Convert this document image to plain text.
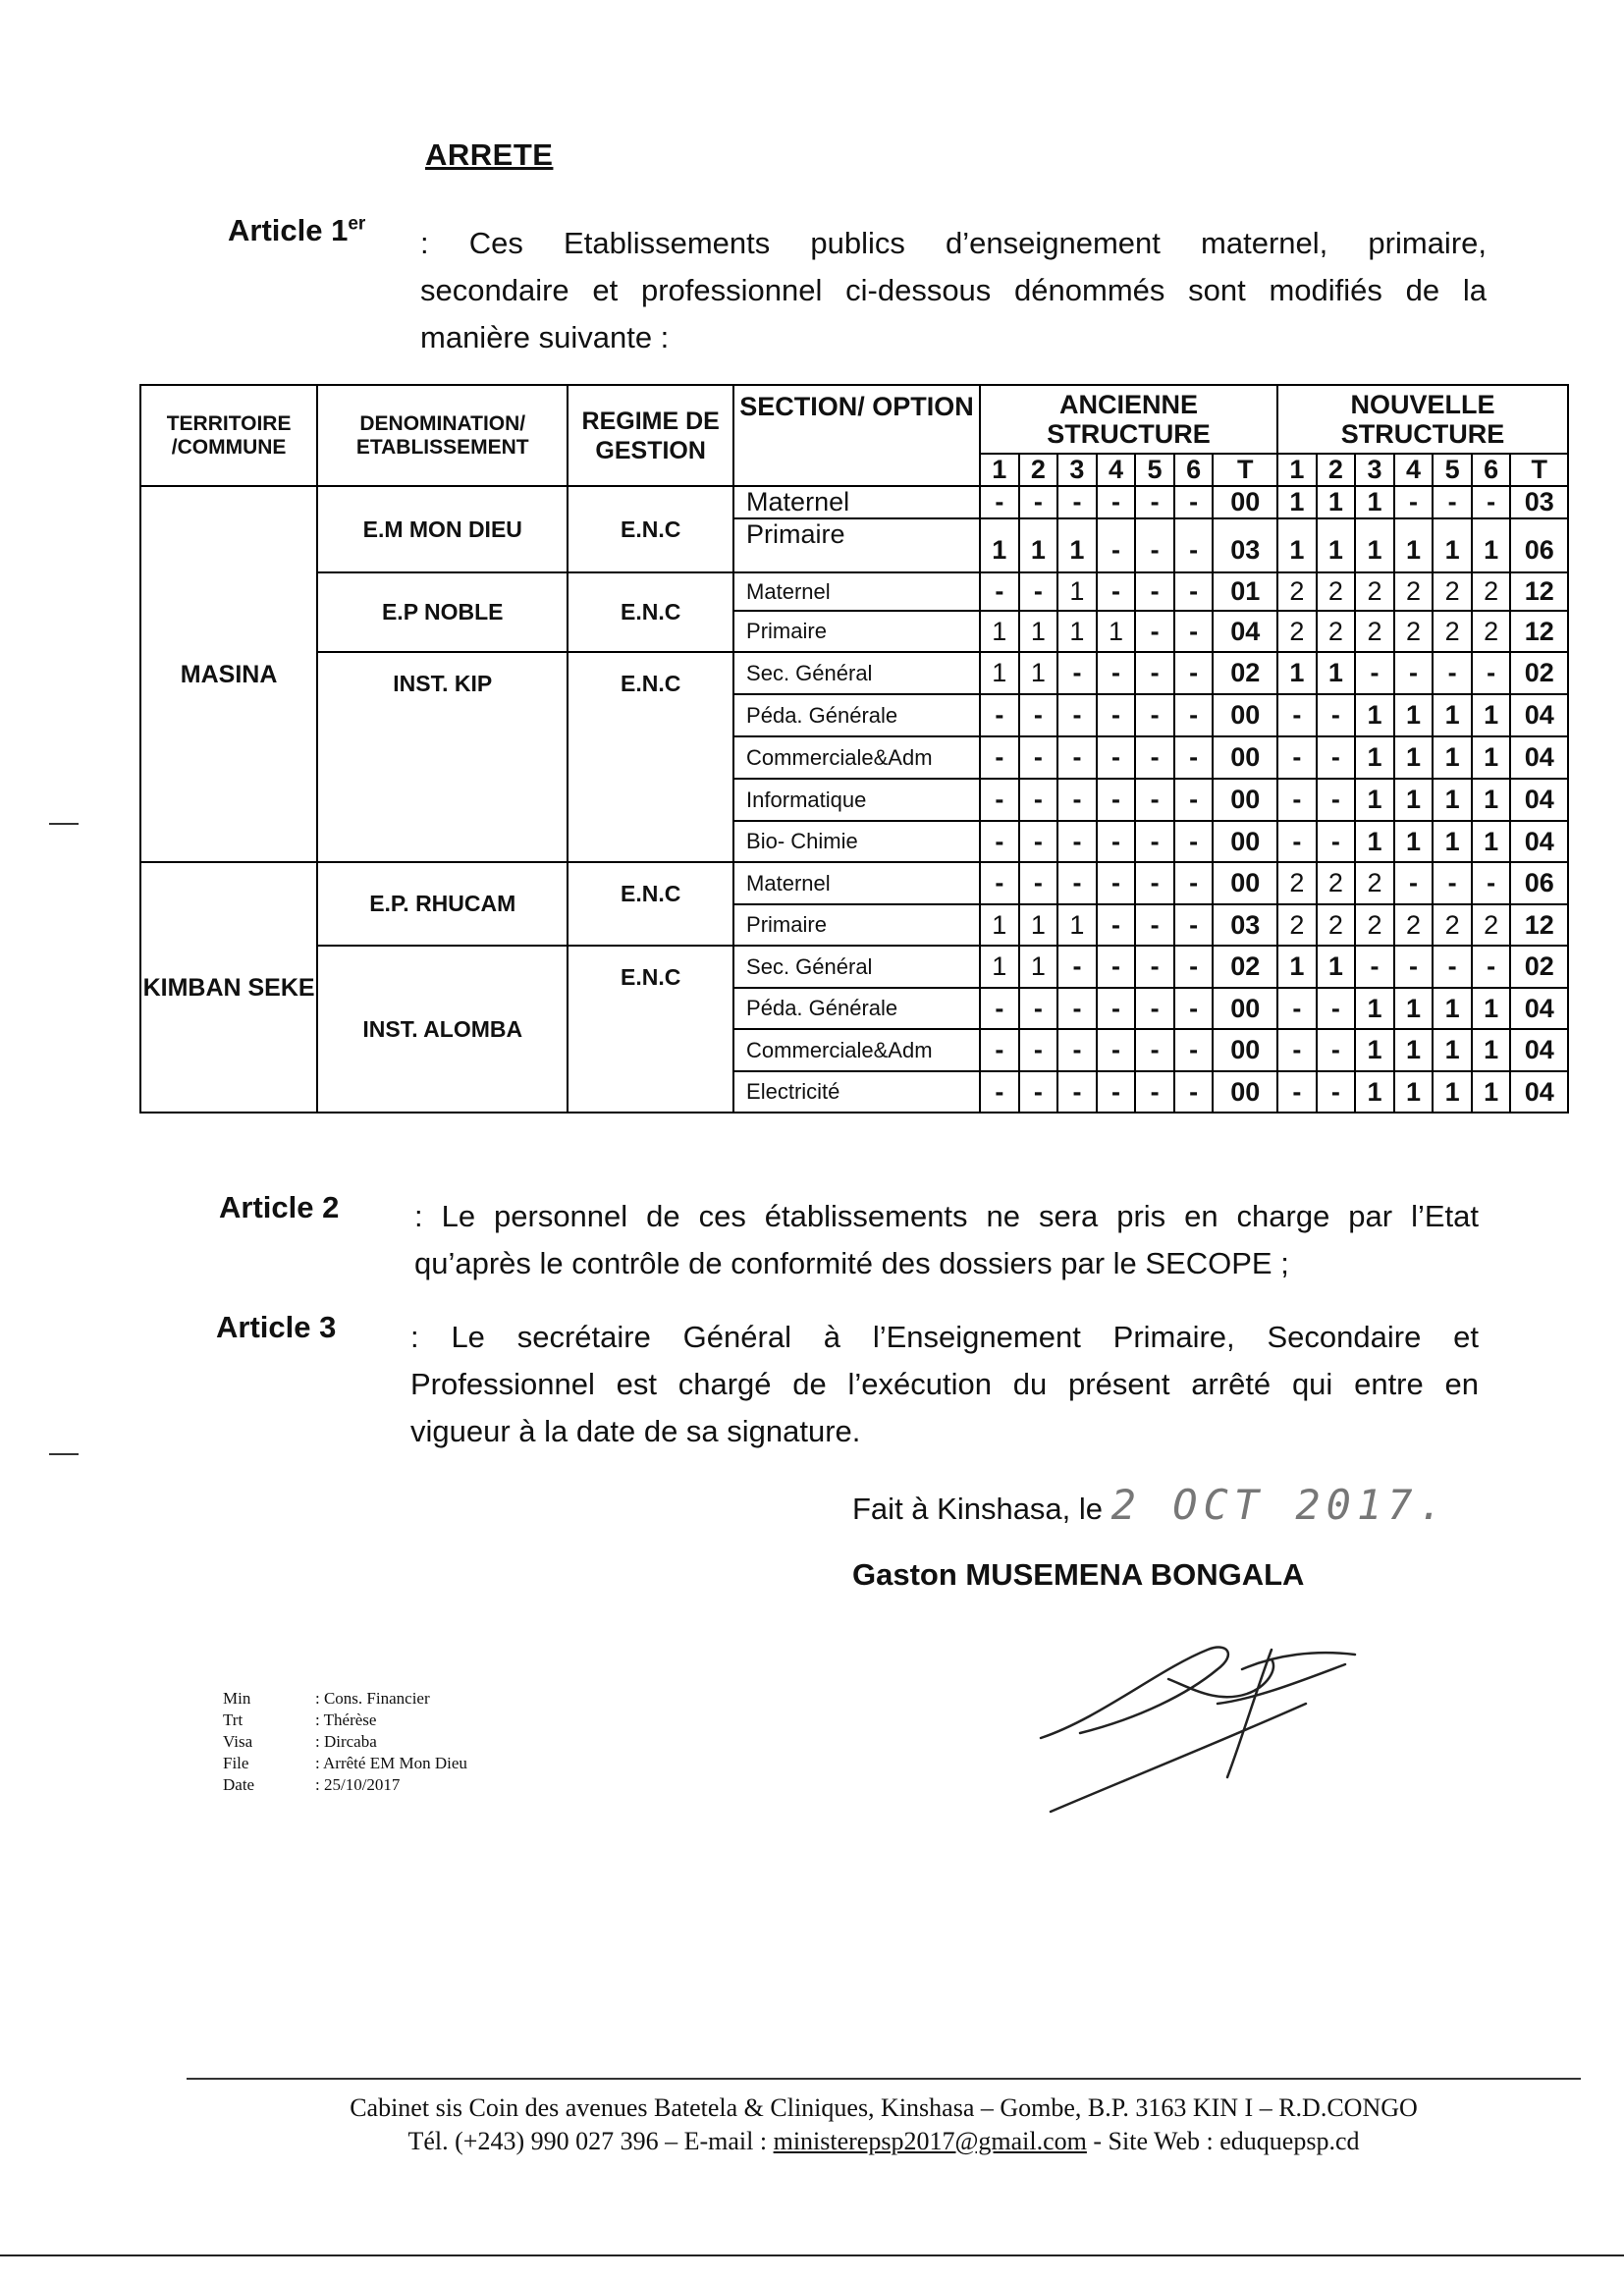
ARRETE
Article 1er

: Ces Etablissements publics d’enseignement maternel, primaire,

secondaire et professionnel ci-dessous dénommés sont modifiés de la

manière suivante :

TERRITOIRE /COMMUNE	DENOMINATION/ ETABLISSEMENT	REGIME DE GESTION	SECTION/ OPTION	ANCIENNE STRUCTURE							NOUVELLE STRUCTURE						
				1	2	3	4	5	6	T	1	2	3	4	5	6	T
MASINA	E.M MON DIEU	E.N.C	Maternel	-	-	-	-	-	-	00	1	1	1	-	-	-	03
			Primaire	1	1	1	-	-	-	03	1	1	1	1	1	1	06
	E.P NOBLE	E.N.C	Maternel	-	-	1	-	-	-	01	2	2	2	2	2	2	12
			Primaire	1	1	1	1	-	-	04	2	2	2	2	2	2	12
	INST. KIP	E.N.C	Sec. Général	1	1	-	-	-	-	02	1	1	-	-	-	-	02
			Péda. Générale	-	-	-	-	-	-	00	-	-	1	1	1	1	04
			Commerciale&Adm	-	-	-	-	-	-	00	-	-	1	1	1	1	04
			Informatique	-	-	-	-	-	-	00	-	-	1	1	1	1	04
			Bio- Chimie	-	-	-	-	-	-	00	-	-	1	1	1	1	04
KIMBAN SEKE	E.P. RHUCAM	E.N.C	Maternel	-	-	-	-	-	-	00	2	2	2	-	-	-	06
			Primaire	1	1	1	-	-	-	03	2	2	2	2	2	2	12
	INST. ALOMBA	E.N.C	Sec. Général	1	1	-	-	-	-	02	1	1	-	-	-	-	02
			Péda. Générale	-	-	-	-	-	-	00	-	-	1	1	1	1	04
			Commerciale&Adm	-	-	-	-	-	-	00	-	-	1	1	1	1	04
			Electricité	-	-	-	-	-	-	00	-	-	1	1	1	1	04
Article 2 : Le personnel de ces établissements ne sera pris en charge par l’Etat

qu’après le contrôle de conformité des dossiers par le SECOPE ;

Article 3 : Le secrétaire Général à l’Enseignement Primaire, Secondaire et

Professionnel est chargé de l’exécution du présent arrêté qui entre en

vigueur à la date de sa signature.

Fait à Kinshasa, le 2 OCT 2017.
Gaston MUSEMENA BONGALA
Min	: Cons. Financier
Trt	: Thérèse
Visa	: Dircaba
File	: Arrêté EM Mon Dieu
Date	: 25/10/2017
Cabinet sis Coin des avenues Batetela & Cliniques, Kinshasa – Gombe, B.P. 3163 KIN I – R.D.CONGO
Tél. (+243) 990 027 396 – E-mail : ministerepsp2017@gmail.com - Site Web : eduquepsp.cd
